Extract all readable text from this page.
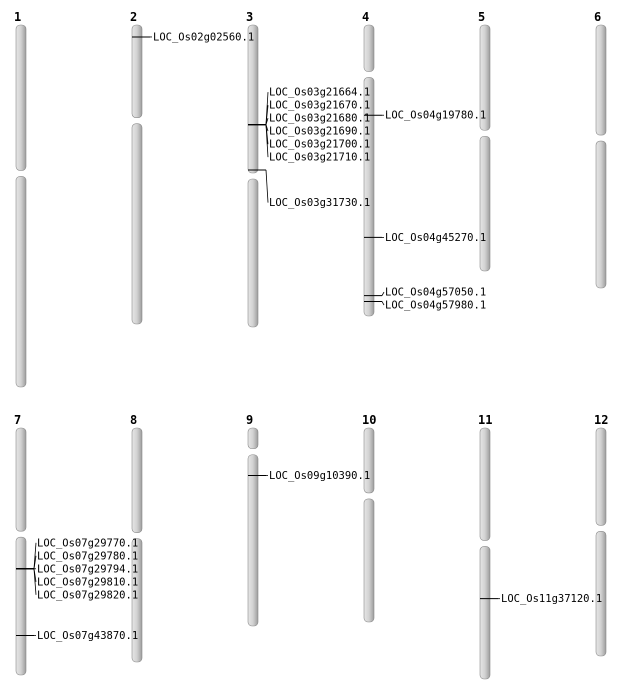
1	2	3	4	5	6
7	8	9	10	11	12
LOC_Os02g02560.1
LOC_Os03g21664.1
LOC_Os03g21670.1
LOC_Os03g21680.1
LOC_Os03g21690.1
LOC_Os03g21700.1
LOC_Os03g21710.1
LOC_Os03g31730.1
LOC_Os04g19780.1
LOC_Os04g45270.1
LOC_Os04g57050.1
LOC_Os04g57980.1
LOC_Os07g29770.1
LOC_Os07g29780.1
LOC_Os07g29794.1
LOC_Os07g29810.1
LOC_Os07g29820.1
LOC_Os07g43870.1
LOC_Os09g10390.1
LOC_Os11g37120.1
